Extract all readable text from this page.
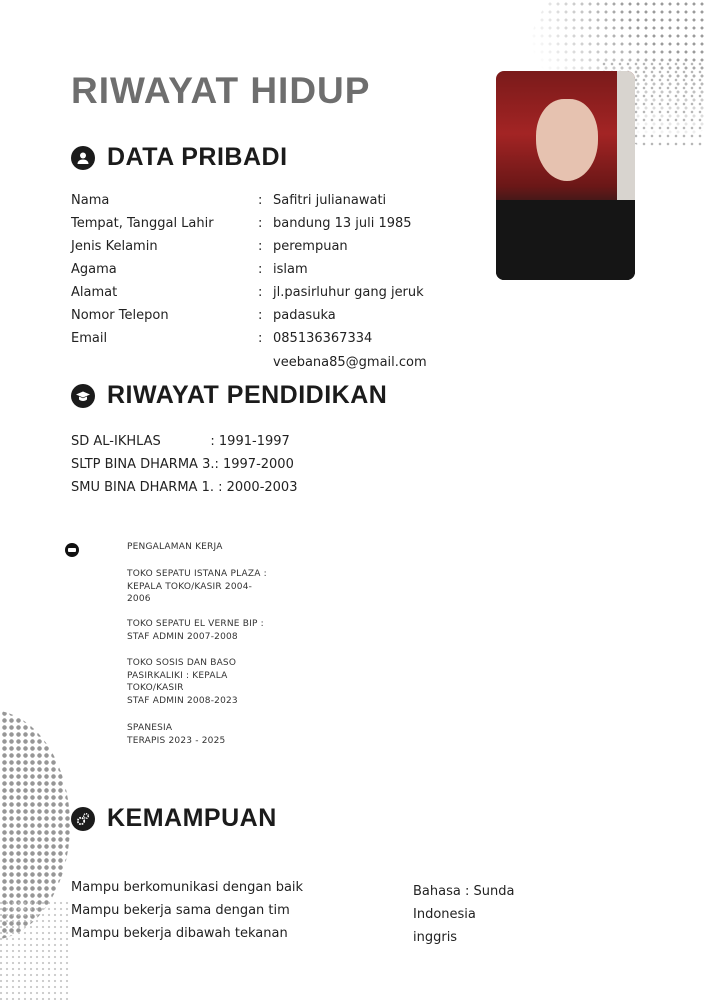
RIWAYAT HIDUP
DATA PRIBADI
Nama	: Safitri julianawati
Tempat, Tanggal Lahir	: bandung 13 juli 1985
Jenis Kelamin	: perempuan
Agama	: islam
Alamat	: jl.pasirluhur gang jeruk
Nomor Telepon	: padasuka
Email	: 085136367334
veebana85@gmail.com
RIWAYAT PENDIDIKAN
SD AL-IKHLAS            : 1991-1997
SLTP BINA DHARMA 3.: 1997-2000
SMU BINA DHARMA 1. : 2000-2003
PENGALAMAN KERJA
TOKO SEPATU ISTANA PLAZA :
KEPALA TOKO/KASIR 2004-
2006
TOKO SEPATU EL VERNE BIP :
STAF ADMIN 2007-2008
TOKO SOSIS DAN BASO
PASIRKALIKI : KEPALA
TOKO/KASIR
STAF ADMIN 2008-2023
SPANESIA
TERAPIS 2023 - 2025
KEMAMPUAN
Mampu berkomunikasi dengan baik
Mampu bekerja sama dengan tim
Mampu bekerja dibawah tekanan
Bahasa : Sunda
Indonesia
inggris
